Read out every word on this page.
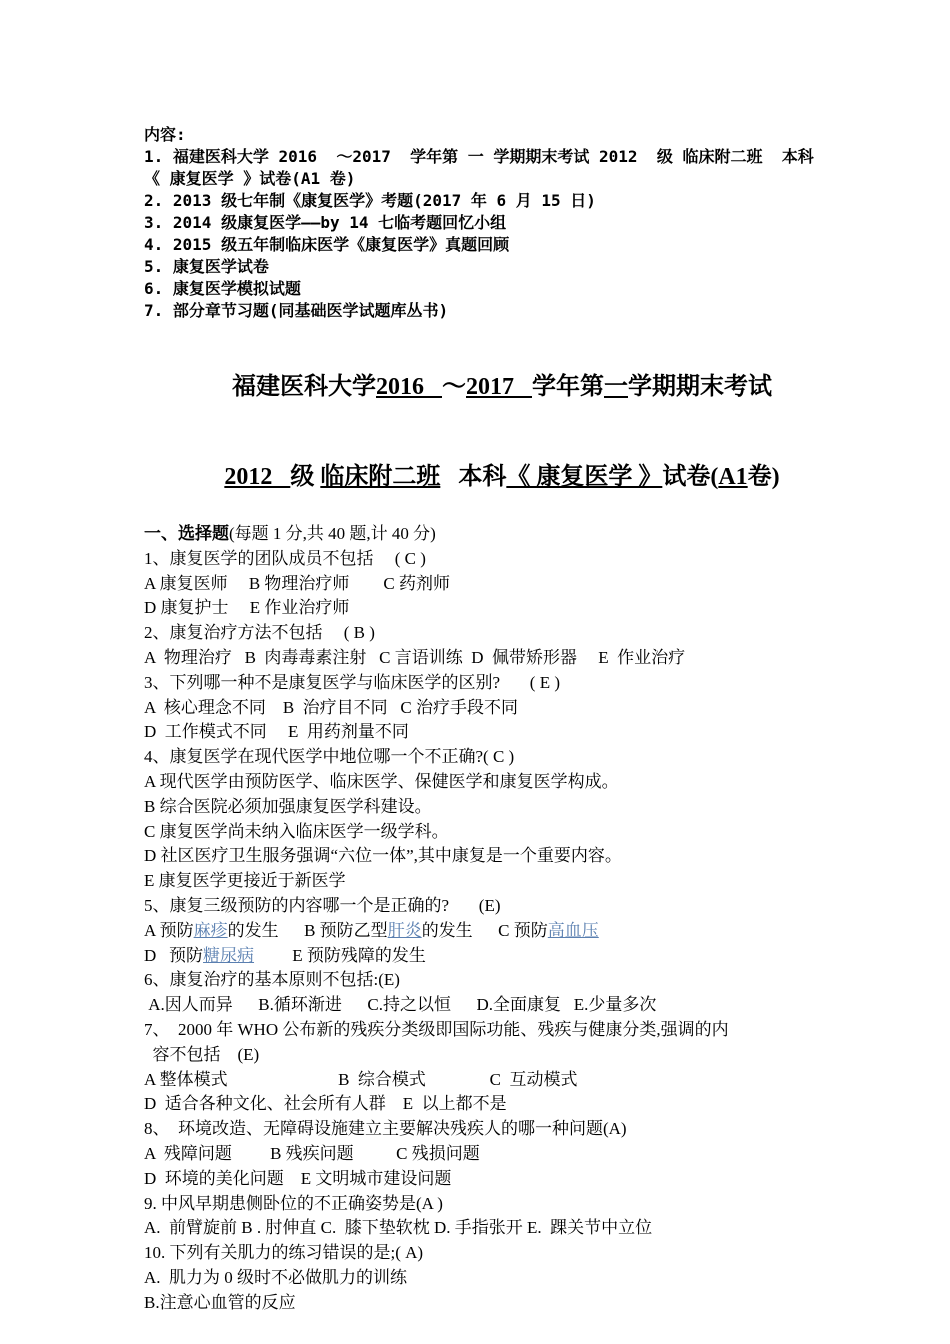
内容:
1. 福建医科大学 2016  ～2017  学年第 一 学期期末考试 2012  级 临床附二班  本科《 康复医学 》试卷(A1 卷)
2. 2013 级七年制《康复医学》考题(2017 年 6 月 15 日)
3. 2014 级康复医学——by 14 七临考题回忆小组
4. 2015 级五年制临床医学《康复医学》真题回顾
5. 康复医学试卷
6. 康复医学模拟试题
7. 部分章节习题(同基础医学试题库丛书)

福建医科大学2016   ～2017   学年第一学期期末考试

2012   级 临床附二班   本科《 康复医学 》试卷(A1卷)

一、选择题(每题 1 分,共 40 题,计 40 分)
1、康复医学的团队成员不包括     ( C )
A 康复医师     B 物理治疗师        C 药剂师
D 康复护士     E 作业治疗师
2、康复治疗方法不包括     ( B )
A  物理治疗   B  肉毒毒素注射   C 言语训练  D  佩带矫形器     E  作业治疗
3、下列哪一种不是康复医学与临床医学的区别?       ( E )
A  核心理念不同    B  治疗目不同   C 治疗手段不同
D  工作模式不同     E  用药剂量不同
4、康复医学在现代医学中地位哪一个不正确?( C )
A 现代医学由预防医学、临床医学、保健医学和康复医学构成。
B 综合医院必须加强康复医学科建设。
C 康复医学尚未纳入临床医学一级学科。
D 社区医疗卫生服务强调“六位一体”,其中康复是一个重要内容。
E 康复医学更接近于新医学
5、康复三级预防的内容哪一个是正确的?       (E)
A 预防麻疹的发生      B 预防乙型肝炎的发生      C 预防高血压
D   预防糖尿病         E 预防残障的发生
6、康复治疗的基本原则不包括:(E)
A.因人而异      B.循环渐进      C.持之以恒      D.全面康复   E.少量多次
7、  2000 年 WHO 公布新的残疾分类级即国际功能、残疾与健康分类,强调的内
容不包括    (E)
A 整体模式                          B  综合模式               C  互动模式
D  适合各种文化、社会所有人群    E  以上都不是
8、  环境改造、无障碍设施建立主要解决残疾人的哪一种问题(A)
A  残障问题         B 残疾问题          C 残损问题
D  环境的美化问题    E 文明城市建设问题
9. 中风早期患侧卧位的不正确姿势是(A )
A.  前臂旋前 B . 肘伸直 C.  膝下垫软枕 D. 手指张开 E.  踝关节中立位
10. 下列有关肌力的练习错误的是;( A)
A.  肌力为 0 级时不必做肌力的训练
B.注意心血管的反应
